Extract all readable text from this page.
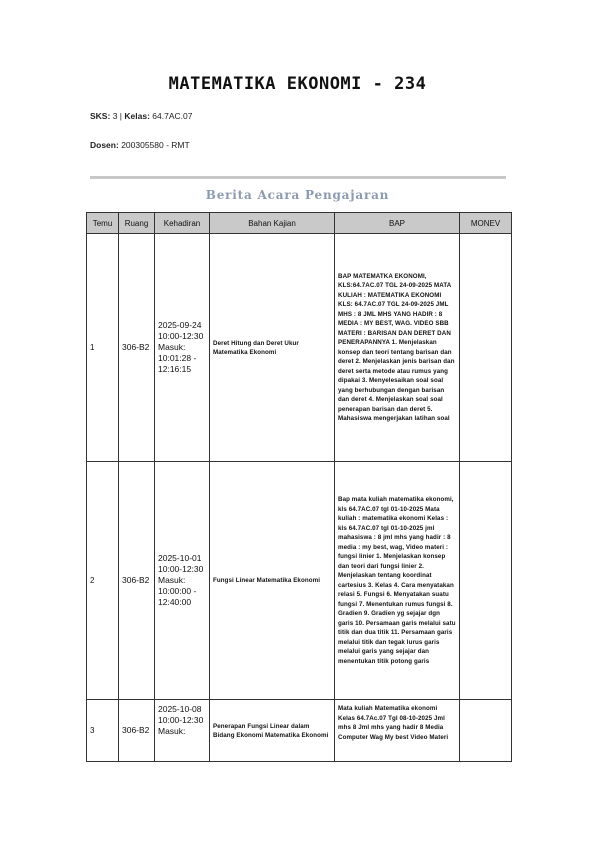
MATEMATIKA EKONOMI - 234
SKS: 3 | Kelas: 64.7AC.07
Dosen: 200305580 - RMT
Berita Acara Pengajaran
Temu	Ruang	Kehadiran	Bahan Kajian	BAP	MONEV
1	306-B2	2025-09-24 10:00-12:30 Masuk: 10:01:28 - 12:16:15	Deret Hitung dan Deret Ukur Matematika Ekonomi	BAP MATEMATKA EKONOMI, KLS:64.7AC.07 TGL 24-09-2025 MATA KULIAH : MATEMATIKA EKONOMI KLS: 64.7AC.07 TGL 24-09-2025 JML MHS : 8 JML MHS YANG HADIR : 8 MEDIA : MY BEST, WAG. VIDEO SBB MATERI : BARISAN DAN DERET DAN PENERAPANNYA 1. Menjelaskan konsep dan teori tentang barisan dan deret 2. Menjelaskan jenis barisan dan deret serta metode atau rumus yang dipakai 3. Menyelesaikan soal soal yang berhubungan dengan barisan dan deret 4. Menjelaskan soal soal penerapan barisan dan deret 5. Mahasiswa mengerjakan latihan soal	
2	306-B2	2025-10-01 10:00-12:30 Masuk: 10:00:00 - 12:40:00	Fungsi Linear Matematika Ekonomi	Bap mata kuliah matematika ekonomi, kls 64.7AC.07 tgl 01-10-2025 Mata kuliah : matematika ekonomi Kelas : kls 64.7AC.07 tgl 01-10-2025 jml mahasiswa : 8 jml mhs yang hadir : 8 media : my best, wag, Video materi : fungsi linier 1. Menjelaskan konsep dan teori dari fungsi linier 2. Menjelaskan tentang koordinat cartesius 3. Kelas 4. Cara menyatakan relasi 5. Fungsi 6. Menyatakan suatu fungsi 7. Menentukan rumus fungsi 8. Gradien 9. Gradien yg sejajar dgn garis 10. Persamaan garis melalui satu titik dan dua titik 11. Persamaan garis melalui titik dan tegak lurus garis melalui garis yang sejajar dan menentukan titik potong garis	
3	306-B2	2025-10-08 10:00-12:30 Masuk:	Penerapan Fungsi Linear dalam Bidang Ekonomi Matematika Ekonomi	Mata kuliah Matematika ekonomi Kelas 64.7Ac.07 Tgl 08-10-2025 Jml mhs 8 Jml mhs yang hadir 8 Media Computer Wag My best Video Materi	
